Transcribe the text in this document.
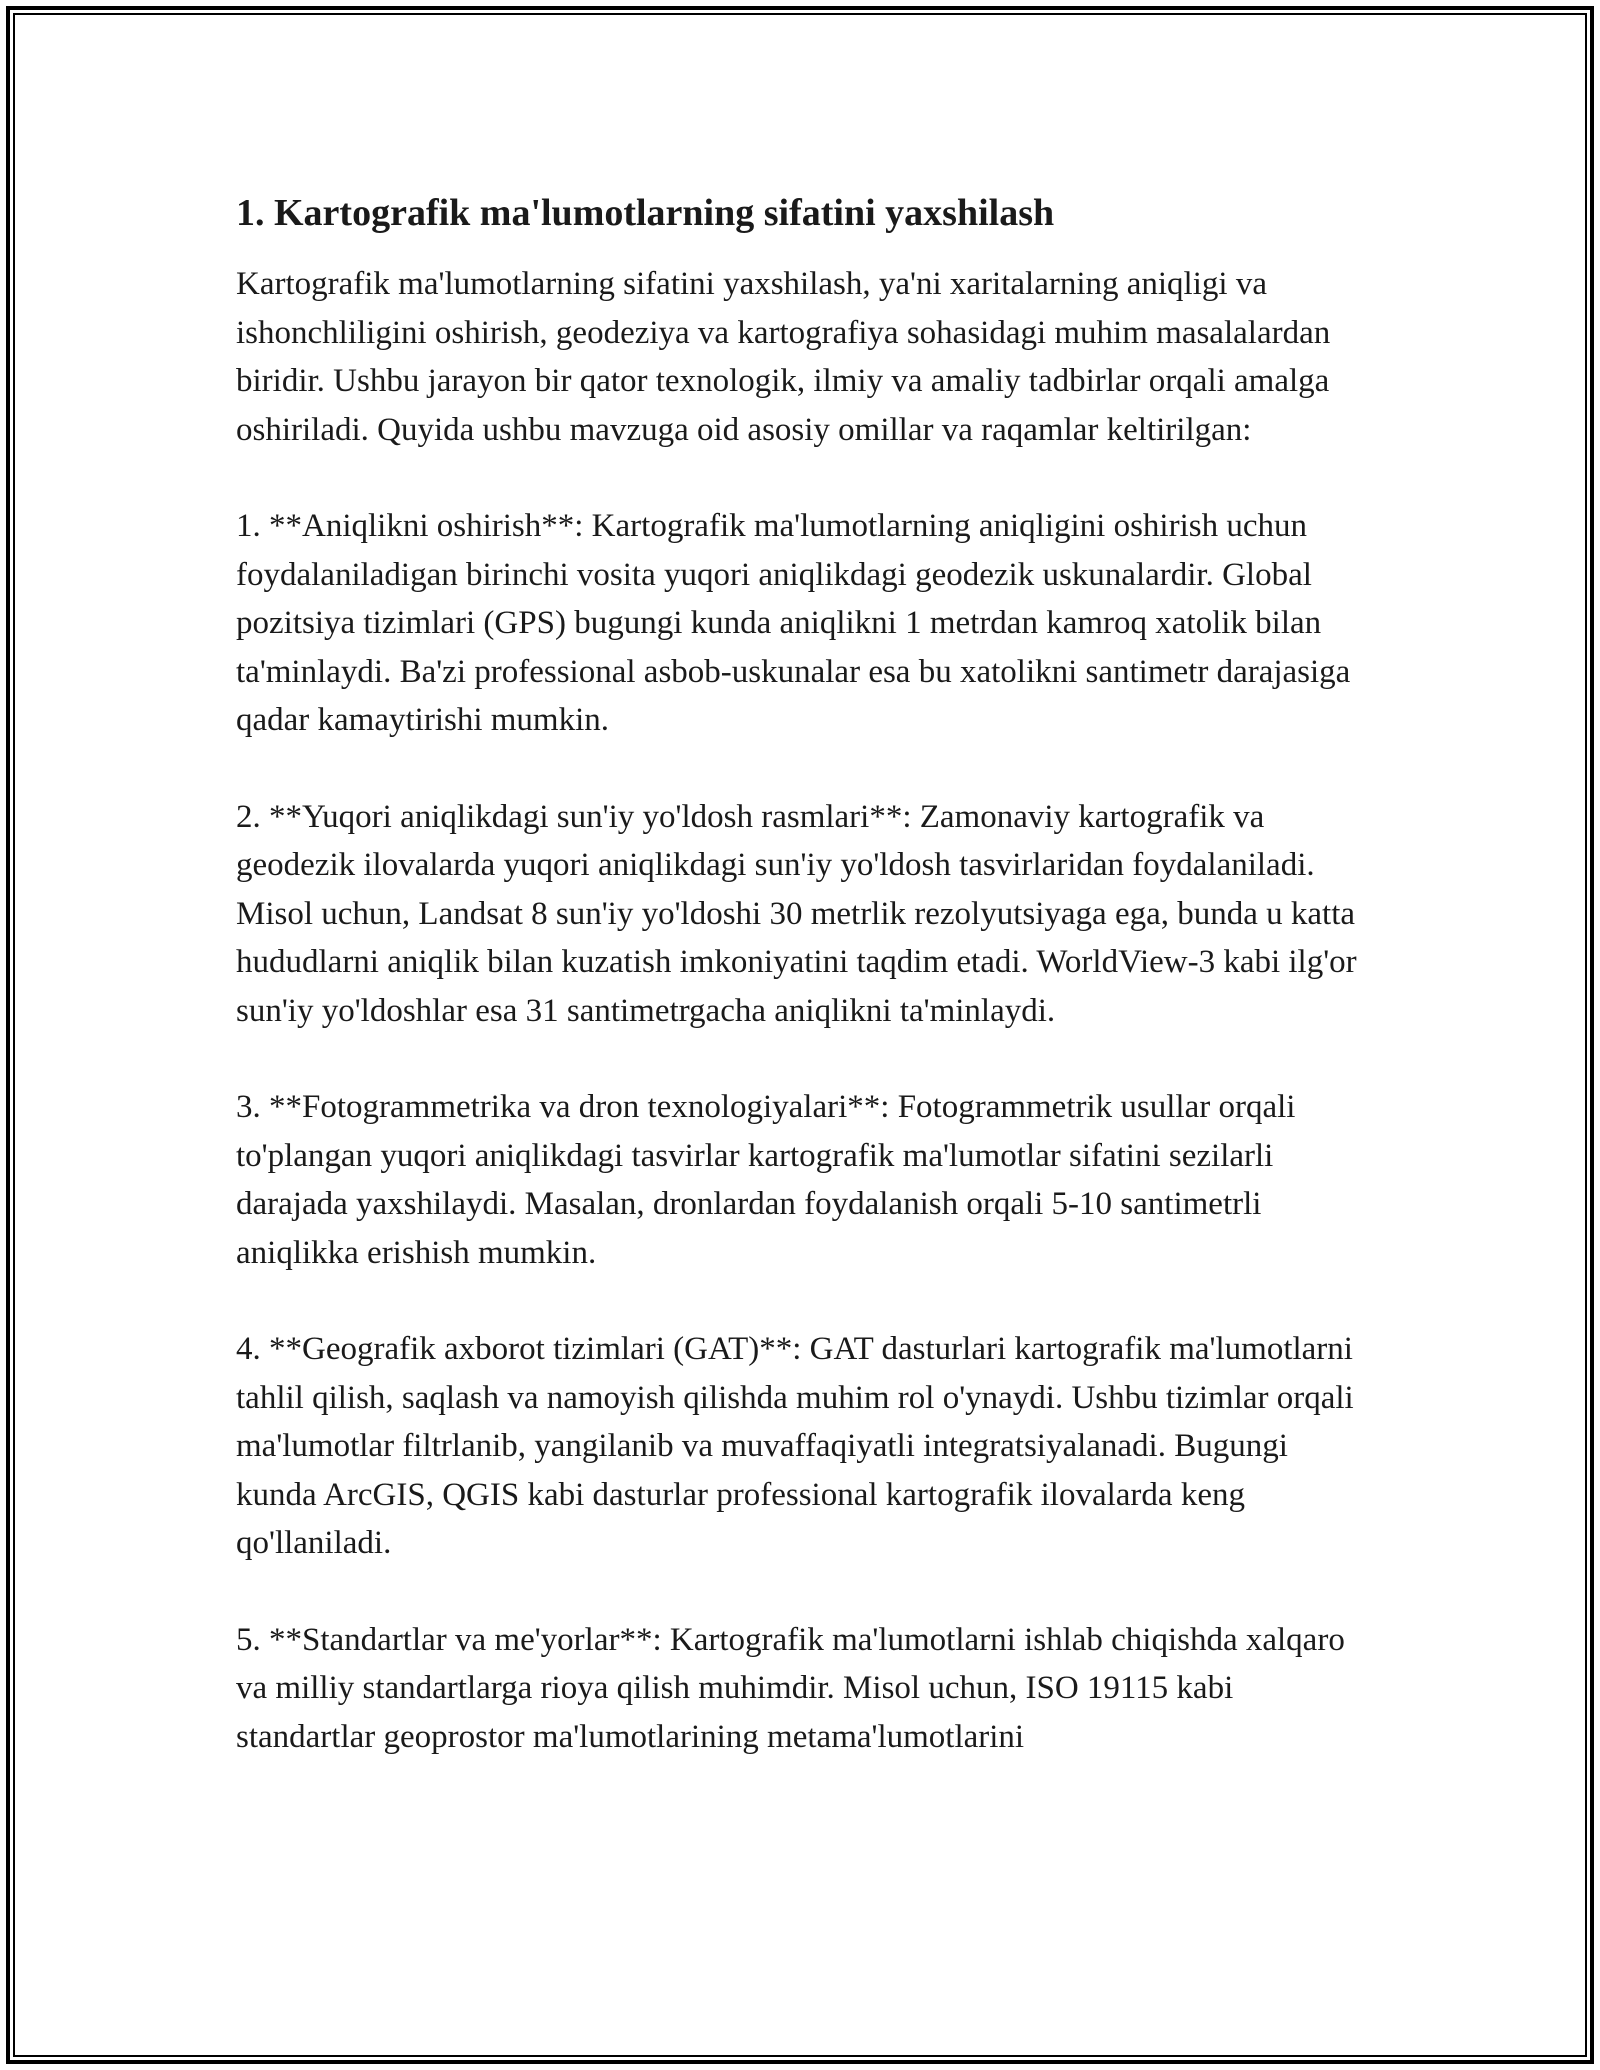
1. Kartografik ma'lumotlarning sifatini yaxshilash

Kartografik ma'lumotlarning sifatini yaxshilash, ya'ni xaritalarning aniqligi va ishonchliligini oshirish, geodeziya va kartografiya sohasidagi muhim masalalardan biridir. Ushbu jarayon bir qator texnologik, ilmiy va amaliy tadbirlar orqali amalga oshiriladi. Quyida ushbu mavzuga oid asosiy omillar va raqamlar keltirilgan:

1. **Aniqlikni oshirish**: Kartografik ma'lumotlarning aniqligini oshirish uchun foydalaniladigan birinchi vosita yuqori aniqlikdagi geodezik uskunalardir. Global pozitsiya tizimlari (GPS) bugungi kunda aniqlikni 1 metrdan kamroq xatolik bilan ta'minlaydi. Ba'zi professional asbob-uskunalar esa bu xatolikni santimetr darajasiga qadar kamaytirishi mumkin.

2. **Yuqori aniqlikdagi sun'iy yo'ldosh rasmlari**: Zamonaviy kartografik va geodezik ilovalarda yuqori aniqlikdagi sun'iy yo'ldosh tasvirlaridan foydalaniladi. Misol uchun, Landsat 8 sun'iy yo'ldoshi 30 metrlik rezolyutsiyaga ega, bunda u katta hududlarni aniqlik bilan kuzatish imkoniyatini taqdim etadi. WorldView-3 kabi ilg'or sun'iy yo'ldoshlar esa 31 santimetrgacha aniqlikni ta'minlaydi.

3. **Fotogrammetrika va dron texnologiyalari**: Fotogrammetrik usullar orqali to'plangan yuqori aniqlikdagi tasvirlar kartografik ma'lumotlar sifatini sezilarli darajada yaxshilaydi. Masalan, dronlardan foydalanish orqali 5-10 santimetrli aniqlikka erishish mumkin.

4. **Geografik axborot tizimlari (GAT)**: GAT dasturlari kartografik ma'lumotlarni tahlil qilish, saqlash va namoyish qilishda muhim rol o'ynaydi. Ushbu tizimlar orqali ma'lumotlar filtrlanib, yangilanib va muvaffaqiyatli integratsiyalanadi. Bugungi kunda ArcGIS, QGIS kabi dasturlar professional kartografik ilovalarda keng qo'llaniladi.

5. **Standartlar va me'yorlar**: Kartografik ma'lumotlarni ishlab chiqishda xalqaro va milliy standartlarga rioya qilish muhimdir. Misol uchun, ISO 19115 kabi standartlar geoprostor ma'lumotlarining metama'lumotlarini
